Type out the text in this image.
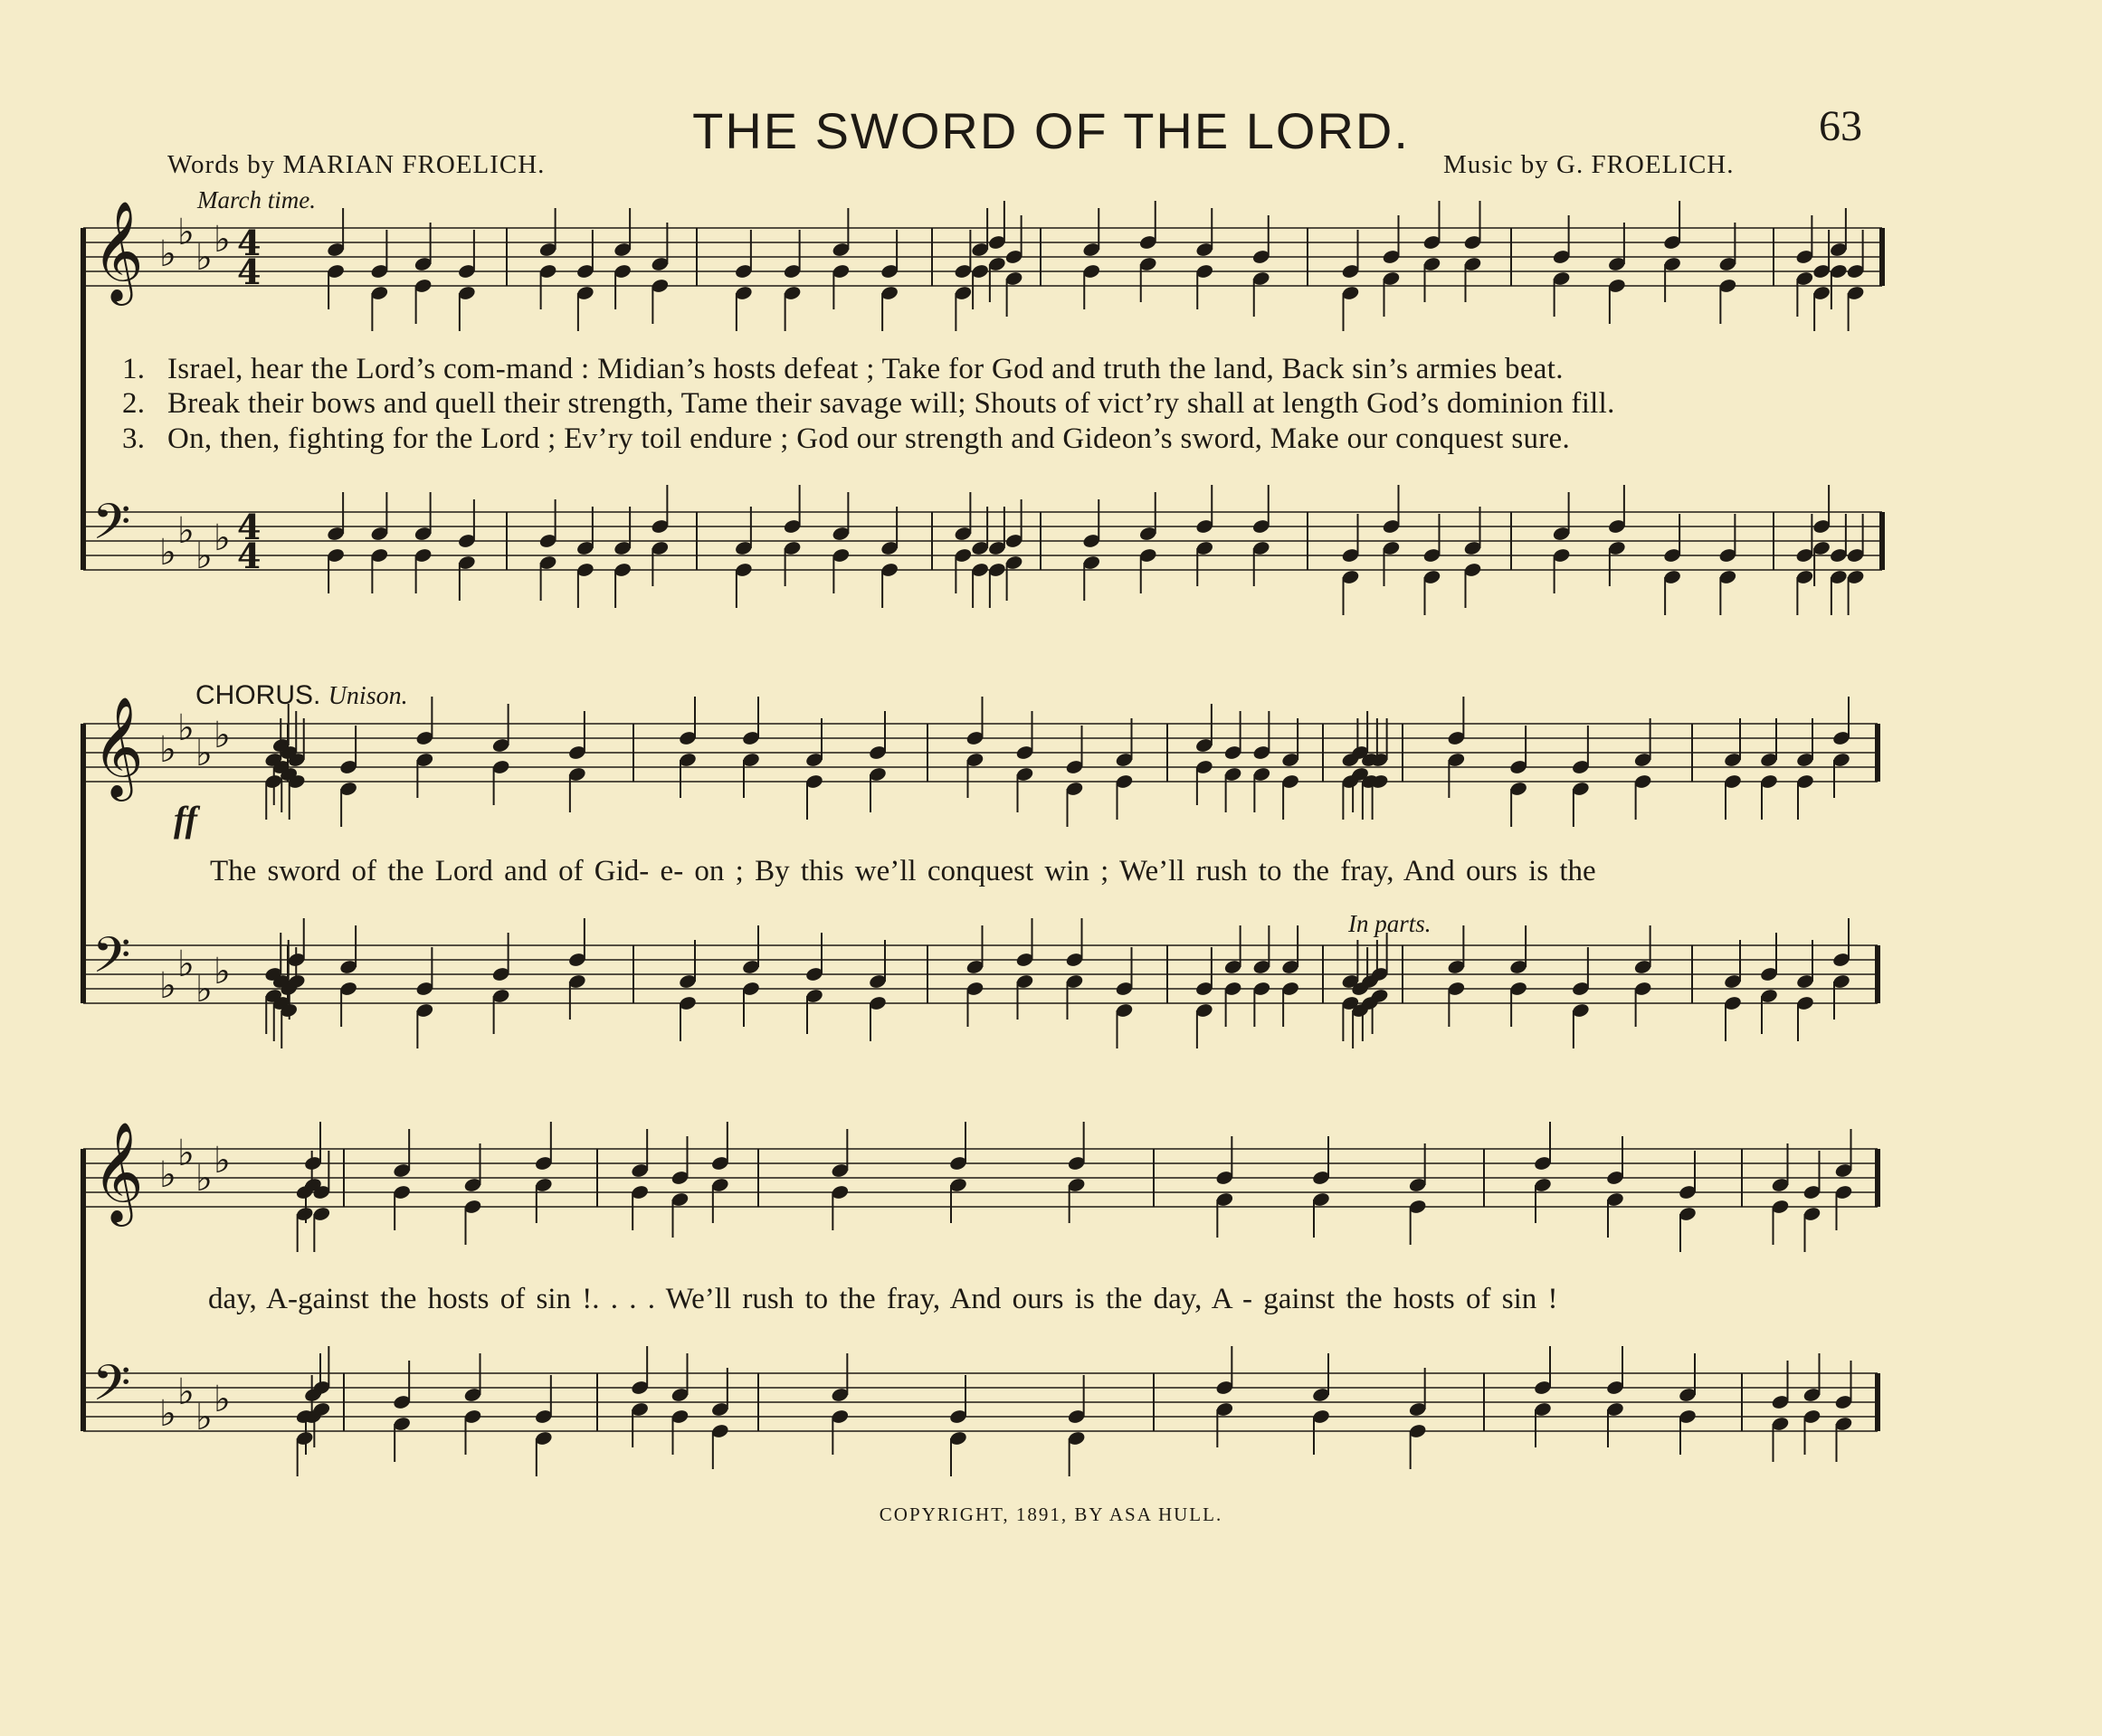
THE SWORD OF THE LORD.	63
Words by MARIAN FROELICH.	Music by G. FROELICH.
March time.
1. Israel, hear the Lord’s com-mand : Midian’s hosts defeat ; Take for God and truth the land, Back sin’s armies beat.
2. Break their bows and quell their strength, Tame their savage will; Shouts of vict’ry shall at length God’s dominion fill.
3. On, then, fighting for the Lord ; Ev’ry toil endure ; God our strength and Gideon’s sword, Make our conquest sure.
CHORUS. Unison.
ff
In parts.
The sword of the Lord and of Gid- e- on ; By this we’ll conquest win ; We’ll rush to the fray, And ours is the
day, A-gainst the hosts of sin !. . . . We’ll rush to the fray, And ours is the day, A - gainst the hosts of sin !
COPYRIGHT, 1891, BY ASA HULL.
𝄞 ♭
♭
♭ ♭ 4
4
𝄢 ♭
♭
♭ ♭ 4
4
𝄞 ♭
♭
♭ ♭
𝄢 ♭
♭
♭ ♭
𝄞 ♭
♭
♭ ♭
𝄢 ♭
♭
♭ ♭
